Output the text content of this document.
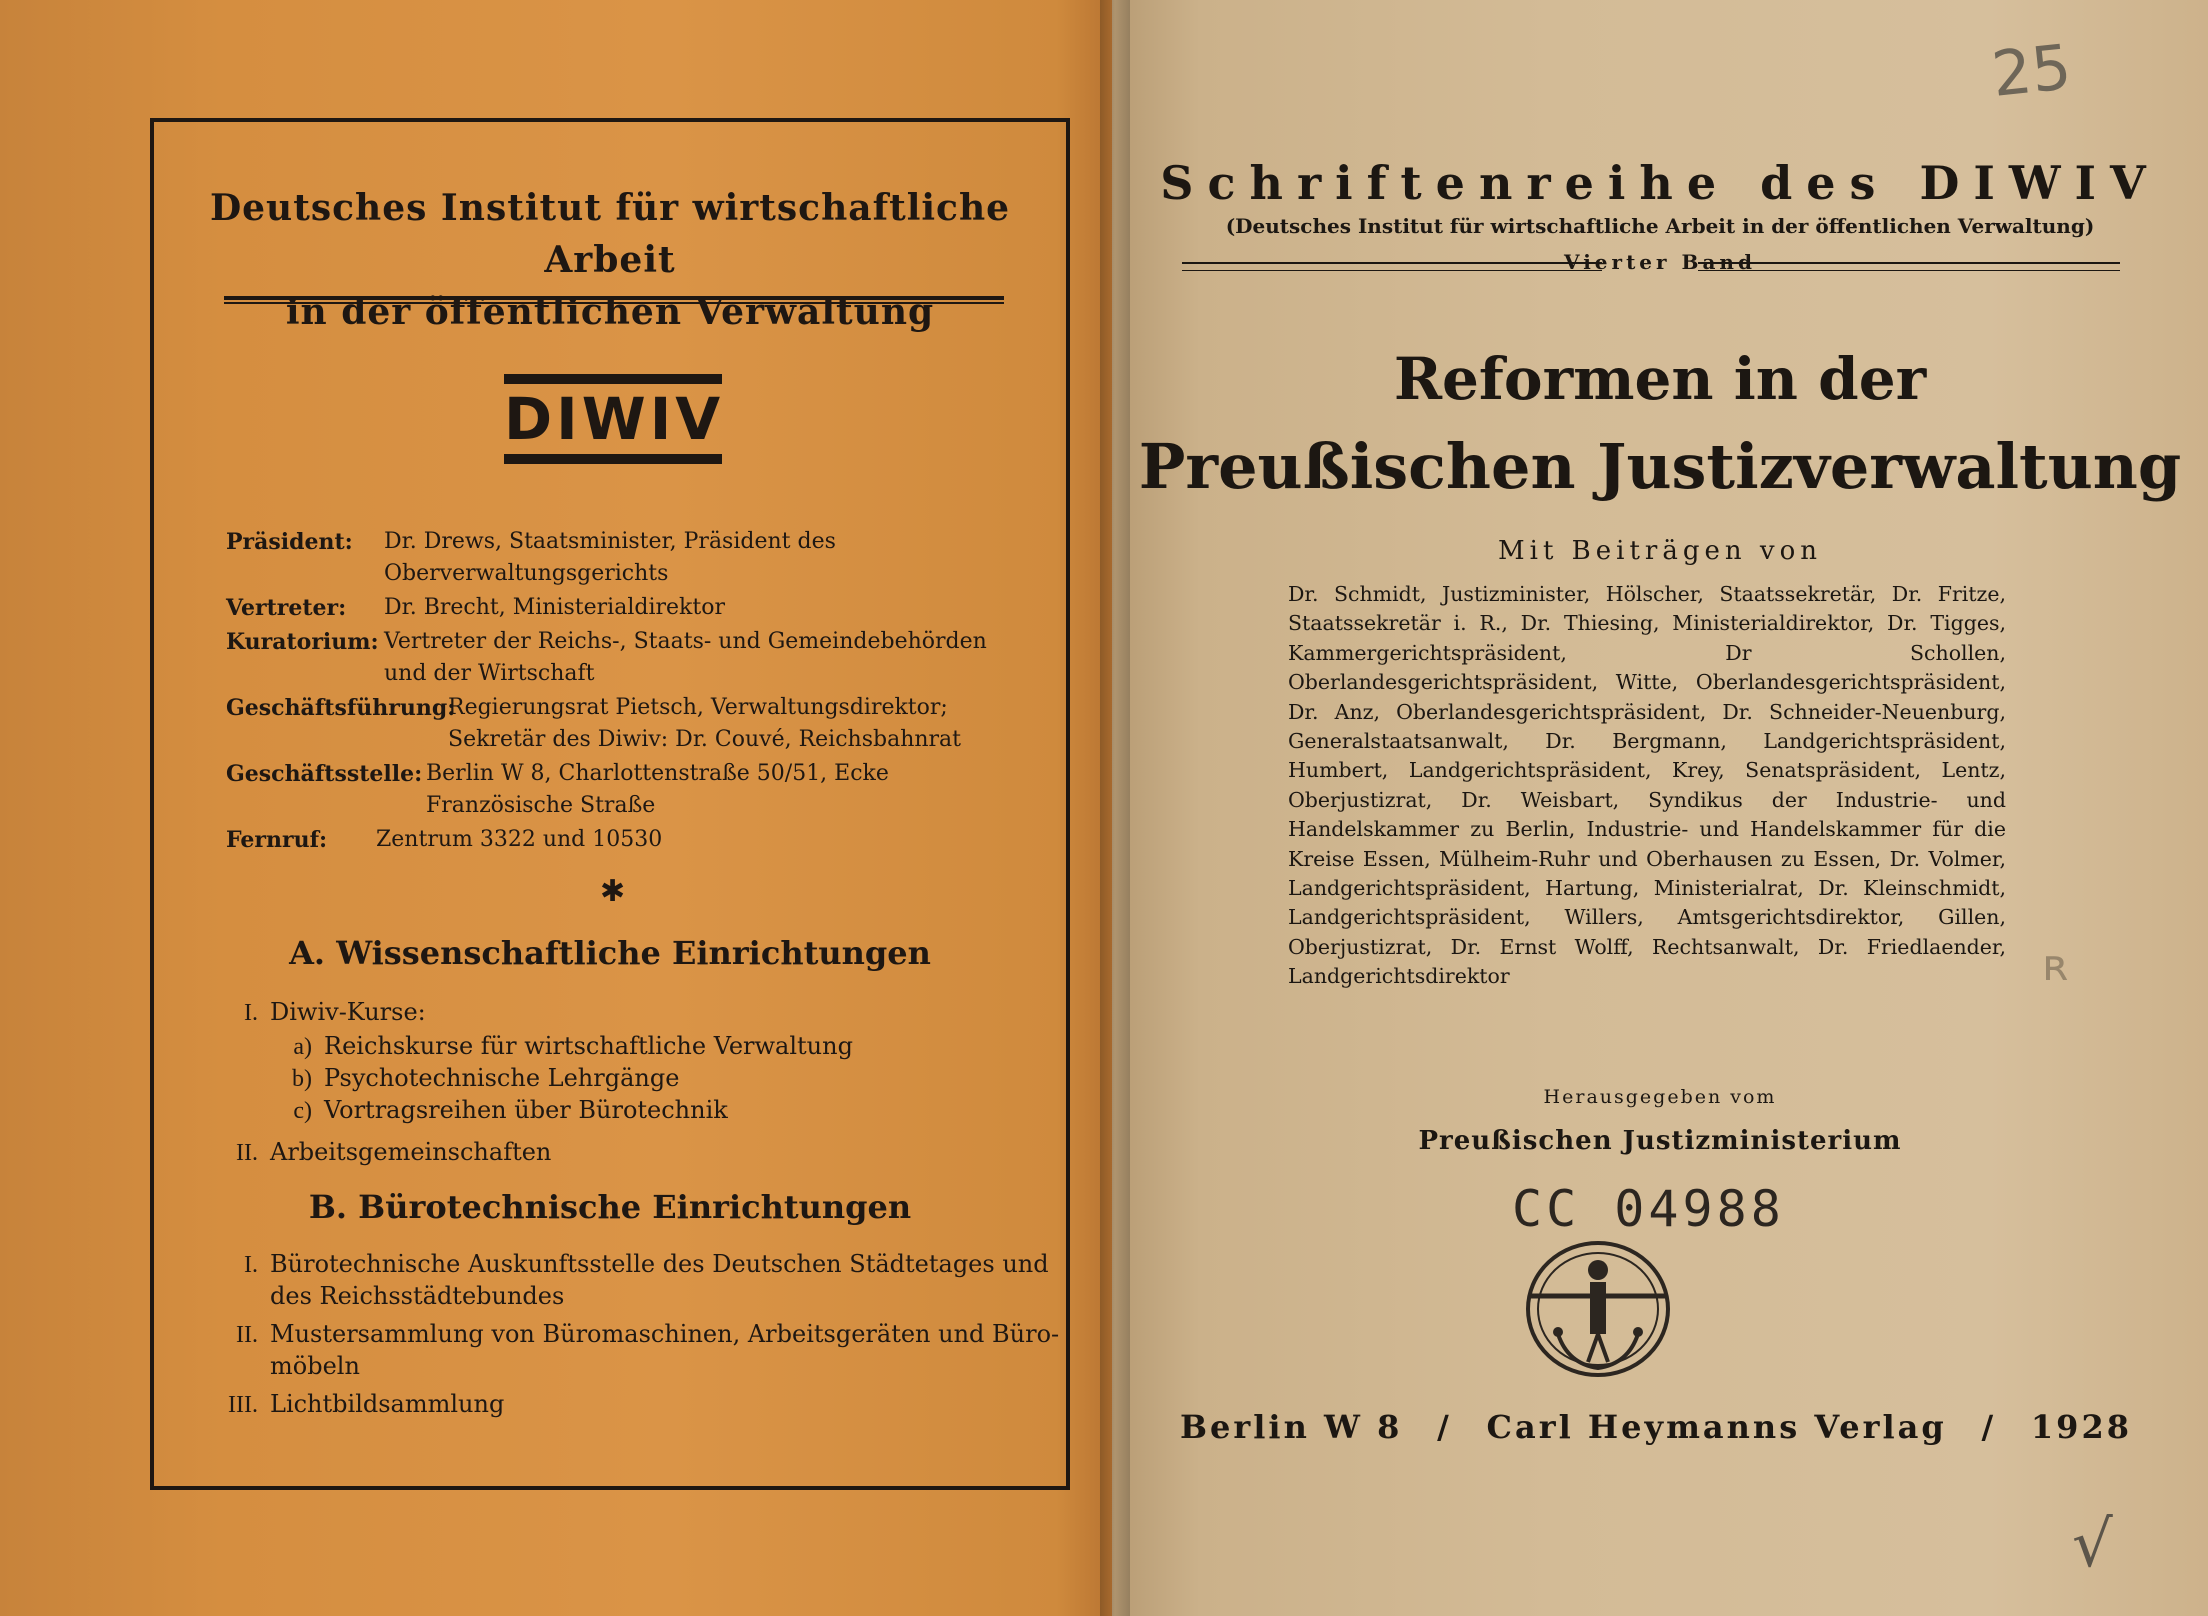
Deutsches Institut für wirtschaftliche Arbeit
in der öffentlichen Verwaltung
DIWIV
Präsident: Dr. Drews, Staatsminister, Präsident des Oberverwaltungsgerichts
Vertreter: Dr. Brecht, Ministerialdirektor
Kuratorium: Vertreter der Reichs-, Staats- und Gemeindebehörden und der Wirtschaft
Geschäftsführung:
Regierungsrat Pietsch, Verwaltungsdirektor; Sekretär des Diwiv: Dr. Couvé, Reichsbahnrat
Geschäftsstelle: Berlin W 8, Charlottenstraße 50/51, Ecke Französische Straße
Fernruf: Zentrum 3322 und 10530
✱
A. Wissenschaftliche Einrichtungen
I. Diwiv-Kurse:
a) Reichskurse für wirtschaftliche Verwaltung
b) Psychotechnische Lehrgänge
c) Vortragsreihen über Bürotechnik
II. Arbeitsgemeinschaften
B. Bürotechnische Einrichtungen
I. Bürotechnische Auskunftsstelle des Deutschen Städtetages und
des Reichsstädtebundes
II. Mustersammlung von Büromaschinen, Arbeitsgeräten und Büro-
möbeln
III. Lichtbildsammlung
25
Schriftenreihe des DIWIV
(Deutsches Institut für wirtschaftliche Arbeit in der öffentlichen Verwaltung)
Vierter Band
Reformen in der
Preußischen Justizverwaltung
Mit Beiträgen von
Dr. Schmidt, Justizminister, Hölscher, Staatssekretär, Dr. Fritze, Staatssekretär i. R., Dr. Thiesing, Ministerialdirektor, Dr. Tigges, Kammergerichtspräsident, Dr Schollen, Oberlandesgerichtspräsident, Witte, Oberlandesgerichtspräsident, Dr. Anz, Oberlandesgerichtspräsident, Dr. Schneider-Neuenburg, Generalstaatsanwalt, Dr. Bergmann, Landgerichtspräsident, Humbert, Landgerichtspräsident, Krey, Senatspräsident, Lentz, Oberjustizrat, Dr. Weisbart, Syndikus der Industrie- und Handelskammer zu Berlin, Industrie- und Handelskammer für die Kreise Essen, Mülheim-Ruhr und Oberhausen zu Essen, Dr. Volmer, Landgerichtspräsident, Hartung, Ministerialrat, Dr. Kleinschmidt, Landgerichtspräsident, Willers, Amtsgerichtsdirektor, Gillen, Oberjustizrat, Dr. Ernst Wolff, Rechtsanwalt, Dr. Friedlaender, Landgerichtsdirektor	ʀ
Herausgegeben vom
Preußischen Justizministerium
CC 04988
Berlin W 8 / Carl Heymanns Verlag / 1928
√
